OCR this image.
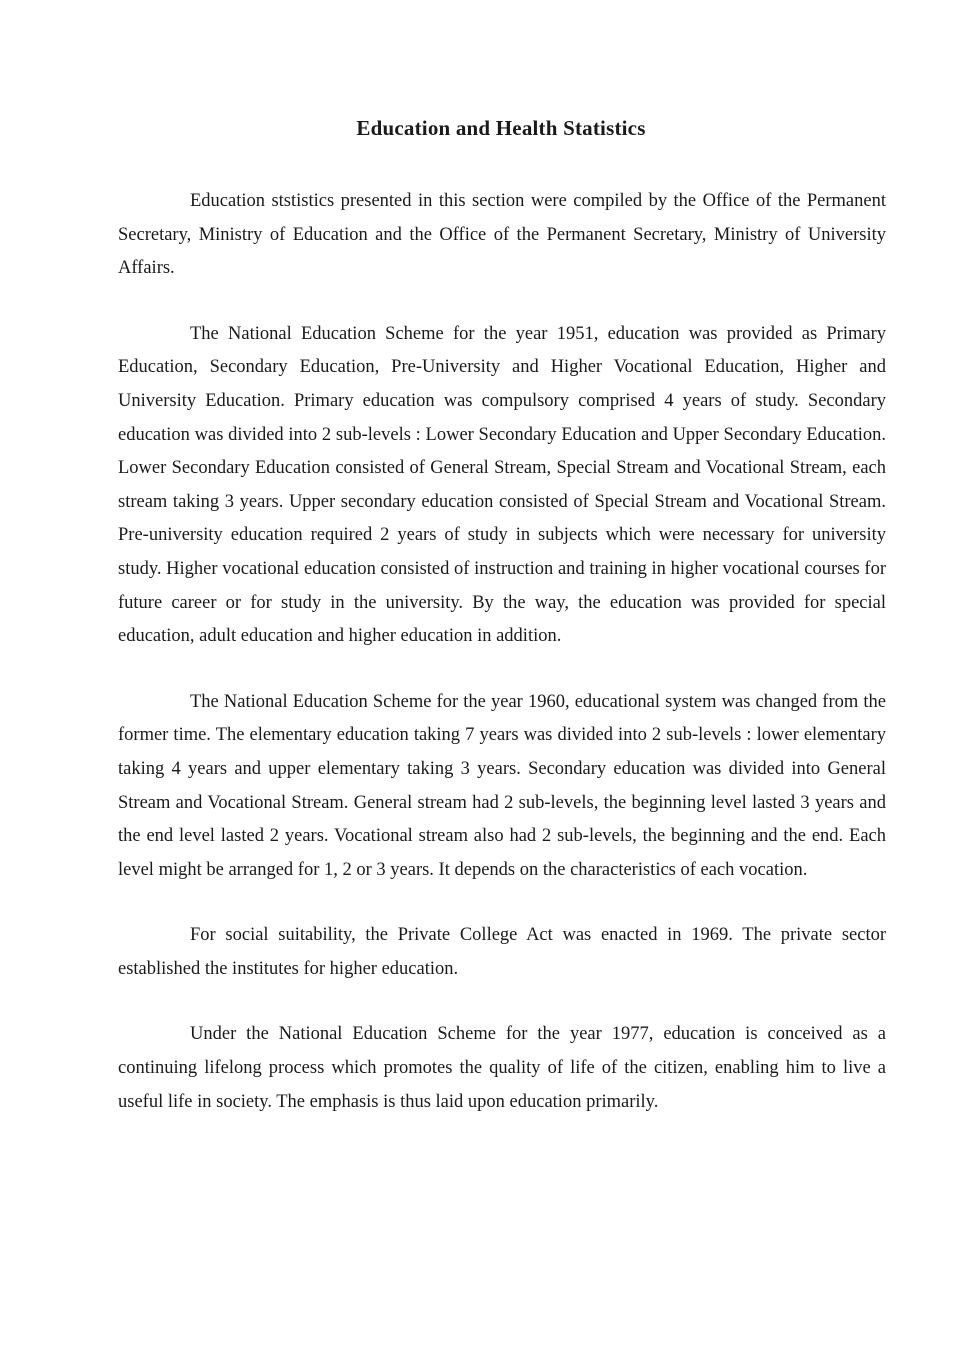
Education and Health Statistics

Education ststistics presented in this section were compiled by the Office of the Permanent Secretary, Ministry of Education and the Office of the Permanent Secretary, Ministry of University Affairs.

The National Education Scheme for the year 1951, education was provided as Primary Education, Secondary Education, Pre-University and Higher Vocational Education, Higher and University Education. Primary education was compulsory comprised 4 years of study. Secondary education was divided into 2 sub-levels : Lower Secondary Education and Upper Secondary Education. Lower Secondary Education consisted of General Stream, Special Stream and Vocational Stream, each stream taking 3 years. Upper secondary education consisted of Special Stream and Vocational Stream. Pre-university education required 2 years of study in subjects which were necessary for university study. Higher vocational education consisted of instruction and training in higher vocational courses for future career or for study in the university. By the way, the education was provided for special education, adult education and higher education in addition.

The National Education Scheme for the year 1960, educational system was changed from the former time. The elementary education taking 7 years was divided into 2 sub-levels : lower elementary taking 4 years and upper elementary taking 3 years. Secondary education was divided into General Stream and Vocational Stream. General stream had 2 sub-levels, the beginning level lasted 3 years and the end level lasted 2 years. Vocational stream also had 2 sub-levels, the beginning and the end. Each level might be arranged for 1, 2 or 3 years. It depends on the characteristics of each vocation.

For social suitability, the Private College Act was enacted in 1969. The private sector established the institutes for higher education.

Under the National Education Scheme for the year 1977, education is conceived as a continuing lifelong process which promotes the quality of life of the citizen, enabling him to live a useful life in society. The emphasis is thus laid upon education primarily.
